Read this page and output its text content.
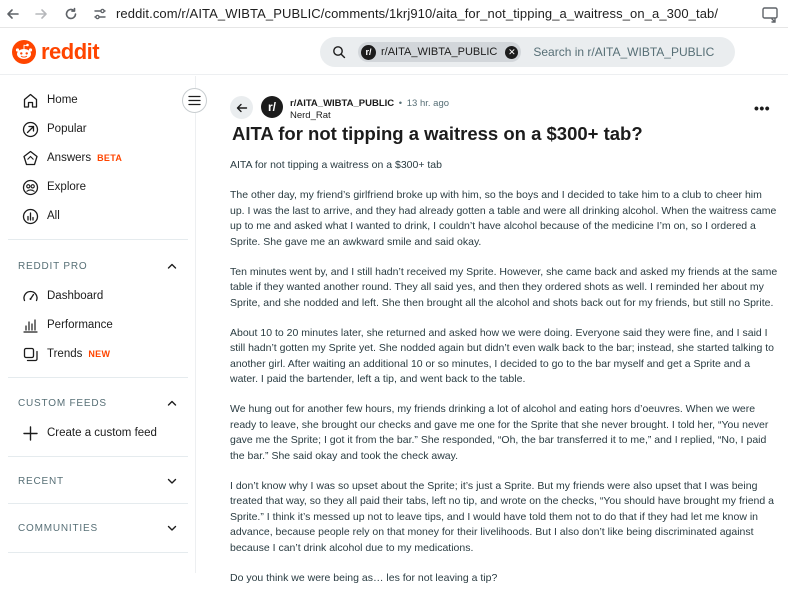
reddit.com/r/AITA_WIBTA_PUBLIC/comments/1krj910/aita_for_not_tipping_a_waitress_on_a_300_tab/
reddit	r/ r/AITA_WIBTA_PUBLIC	✕ Search in r/AITA_WIBTA_PUBLIC
Home
Popular
Answers BETA
Explore
All
REDDIT PRO
Dashboard
Performance
Trends NEW
CUSTOM FEEDS
Create a custom feed
RECENT
COMMUNITIES
r/	r/AITA_WIBTA_PUBLIC • 13 hr. ago
Nerd_Rat	•••
AITA for not tipping a waitress on a $300+ tab?

AITA for not tipping a waitress on a $300+ tab

The other day, my friend’s girlfriend broke up with him, so the boys and I decided to take him to a club to cheer him up. I was the last to arrive, and they had already gotten a table and were all drinking alcohol. When the waitress came up to me and asked what I wanted to drink, I couldn’t have alcohol because of the medicine I’m on, so I ordered a Sprite. She gave me an awkward smile and said okay.

Ten minutes went by, and I still hadn’t received my Sprite. However, she came back and asked my friends at the same table if they wanted another round. They all said yes, and then they ordered shots as well. I reminded her about my Sprite, and she nodded and left. She then brought all the alcohol and shots back out for my friends, but still no Sprite.

About 10 to 20 minutes later, she returned and asked how we were doing. Everyone said they were fine, and I said I still hadn’t gotten my Sprite yet. She nodded again but didn’t even walk back to the bar; instead, she started talking to another girl. After waiting an additional 10 or so minutes, I decided to go to the bar myself and get a Sprite and a water. I paid the bartender, left a tip, and went back to the table.

We hung out for another few hours, my friends drinking a lot of alcohol and eating hors d’oeuvres. When we were ready to leave, she brought our checks and gave me one for the Sprite that she never brought. I told her, “You never gave me the Sprite; I got it from the bar.” She responded, “Oh, the bar transferred it to me,” and I replied, “No, I paid the bar.” She said okay and took the check away.

I don’t know why I was so upset about the Sprite; it’s just a Sprite. But my friends were also upset that I was being treated that way, so they all paid their tabs, left no tip, and wrote on the checks, “You should have brought my friend a Sprite.” I think it’s messed up not to leave tips, and I would have told them not to do that if they had let me know in advance, because people rely on that money for their livelihoods. But I also don’t like being discriminated against because I can’t drink alcohol due to my medications.

Do you think we were being as… les for not leaving a tip?
